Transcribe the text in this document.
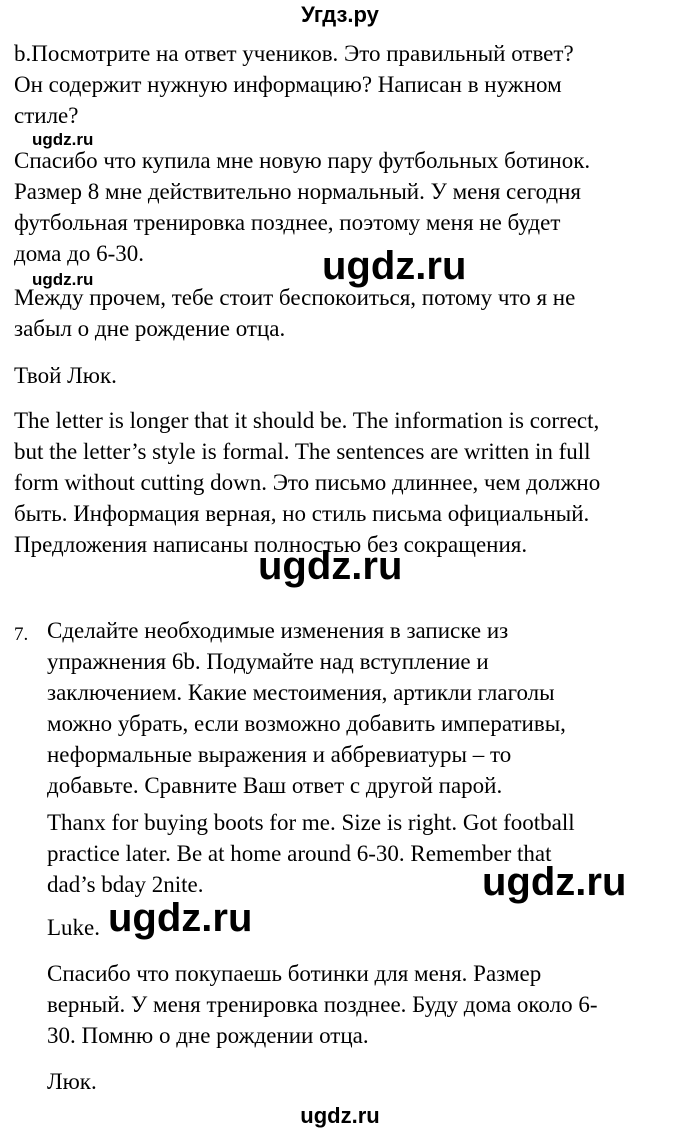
Угдз.ру
b.Посмотрите на ответ учеников. Это правильный ответ?
Он содержит нужную информацию? Написан в нужном
стиле?
ugdz.ru
Спасибо что купила мне новую пару футбольных ботинок.
Размер 8 мне действительно нормальный. У меня сегодня
футбольная тренировка позднее, поэтому меня не будет
дома до 6-30.	ugdz.ru
ugdz.ru
Между прочем, тебе стоит беспокоиться, потому что я не
забыл о дне рождение отца.
Твой Люк.
The letter is longer that it should be. The information is correct,
but the letter’s style is formal. The sentences are written in full
form without cutting down. Это письмо длиннее, чем должно
быть. Информация верная, но стиль письма официальный.
Предложения написаны полностью без сокращения.
ugdz.ru
7. Сделайте необходимые изменения в записке из
упражнения 6b. Подумайте над вступление и
заключением. Какие местоимения, артикли глаголы
можно убрать, если возможно добавить императивы,
неформальные выражения и аббревиатуры – то
добавьте. Сравните Ваш ответ с другой парой.
Thanx for buying boots for me. Size is right. Got football
practice later. Be at home around 6-30. Remember that
dad’s bday 2nite.	ugdz.ru
Luke. ugdz.ru
Спасибо что покупаешь ботинки для меня. Размер
верный. У меня тренировка позднее. Буду дома около 6-
30. Помню о дне рождении отца.
Люк.
ugdz.ru
